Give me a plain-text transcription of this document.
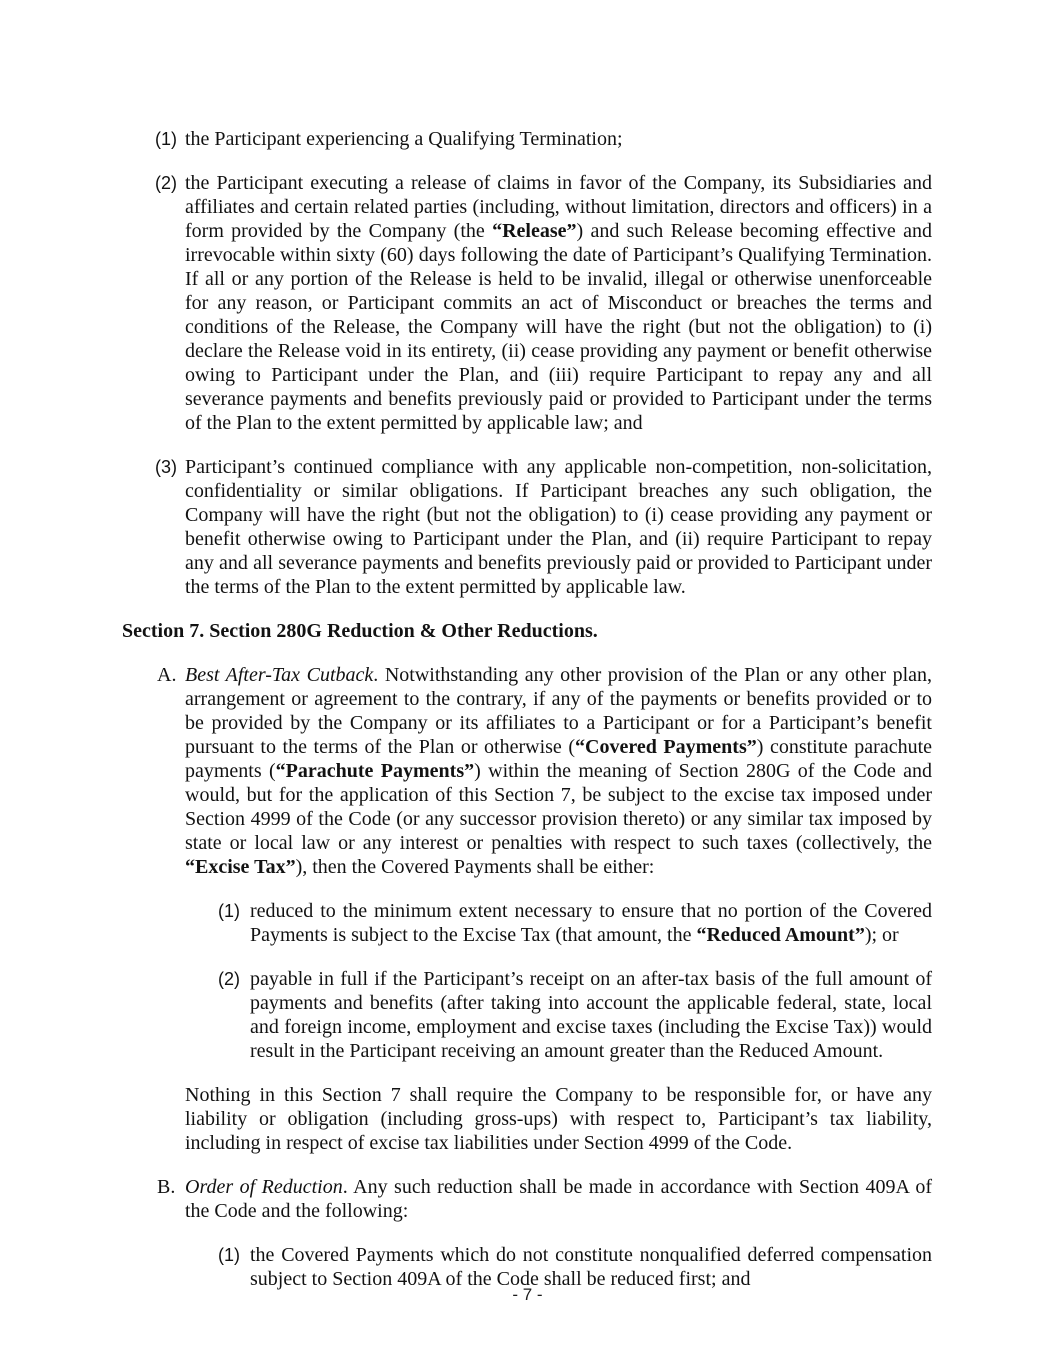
(1) the Participant experiencing a Qualifying Termination;
(2) the Participant executing a release of claims in favor of the Company, its Subsidiaries and affiliates and certain related parties (including, without limitation, directors and officers) in a form provided by the Company (the “Release”) and such Release becoming effective and irrevocable within sixty (60) days following the date of Participant’s Qualifying Termination. If all or any portion of the Release is held to be invalid, illegal or otherwise unenforceable for any reason, or Participant commits an act of Misconduct or breaches the terms and conditions of the Release, the Company will have the right (but not the obligation) to (i) declare the Release void in its entirety, (ii) cease providing any payment or benefit otherwise owing to Participant under the Plan, and (iii) require Participant to repay any and all severance payments and benefits previously paid or provided to Participant under the terms of the Plan to the extent permitted by applicable law; and
(3) Participant’s continued compliance with any applicable non-competition, non-solicitation, confidentiality or similar obligations. If Participant breaches any such obligation, the Company will have the right (but not the obligation) to (i) cease providing any payment or benefit otherwise owing to Participant under the Plan, and (ii) require Participant to repay any and all severance payments and benefits previously paid or provided to Participant under the terms of the Plan to the extent permitted by applicable law.
Section 7. Section 280G Reduction & Other Reductions.
A. Best After-Tax Cutback. Notwithstanding any other provision of the Plan or any other plan, arrangement or agreement to the contrary, if any of the payments or benefits provided or to be provided by the Company or its affiliates to a Participant or for a Participant’s benefit pursuant to the terms of the Plan or otherwise (“Covered Payments”) constitute parachute payments (“Parachute Payments”) within the meaning of Section 280G of the Code and would, but for the application of this Section 7, be subject to the excise tax imposed under Section 4999 of the Code (or any successor provision thereto) or any similar tax imposed by state or local law or any interest or penalties with respect to such taxes (collectively, the “Excise Tax”), then the Covered Payments shall be either:
(1) reduced to the minimum extent necessary to ensure that no portion of the Covered Payments is subject to the Excise Tax (that amount, the “Reduced Amount”); or
(2) payable in full if the Participant’s receipt on an after-tax basis of the full amount of payments and benefits (after taking into account the applicable federal, state, local and foreign income, employment and excise taxes (including the Excise Tax)) would result in the Participant receiving an amount greater than the Reduced Amount.
Nothing in this Section 7 shall require the Company to be responsible for, or have any liability or obligation (including gross-ups) with respect to, Participant’s tax liability, including in respect of excise tax liabilities under Section 4999 of the Code.
B. Order of Reduction. Any such reduction shall be made in accordance with Section 409A of the Code and the following:
(1) the Covered Payments which do not constitute nonqualified deferred compensation subject to Section 409A of the Code shall be reduced first; and
- 7 -
